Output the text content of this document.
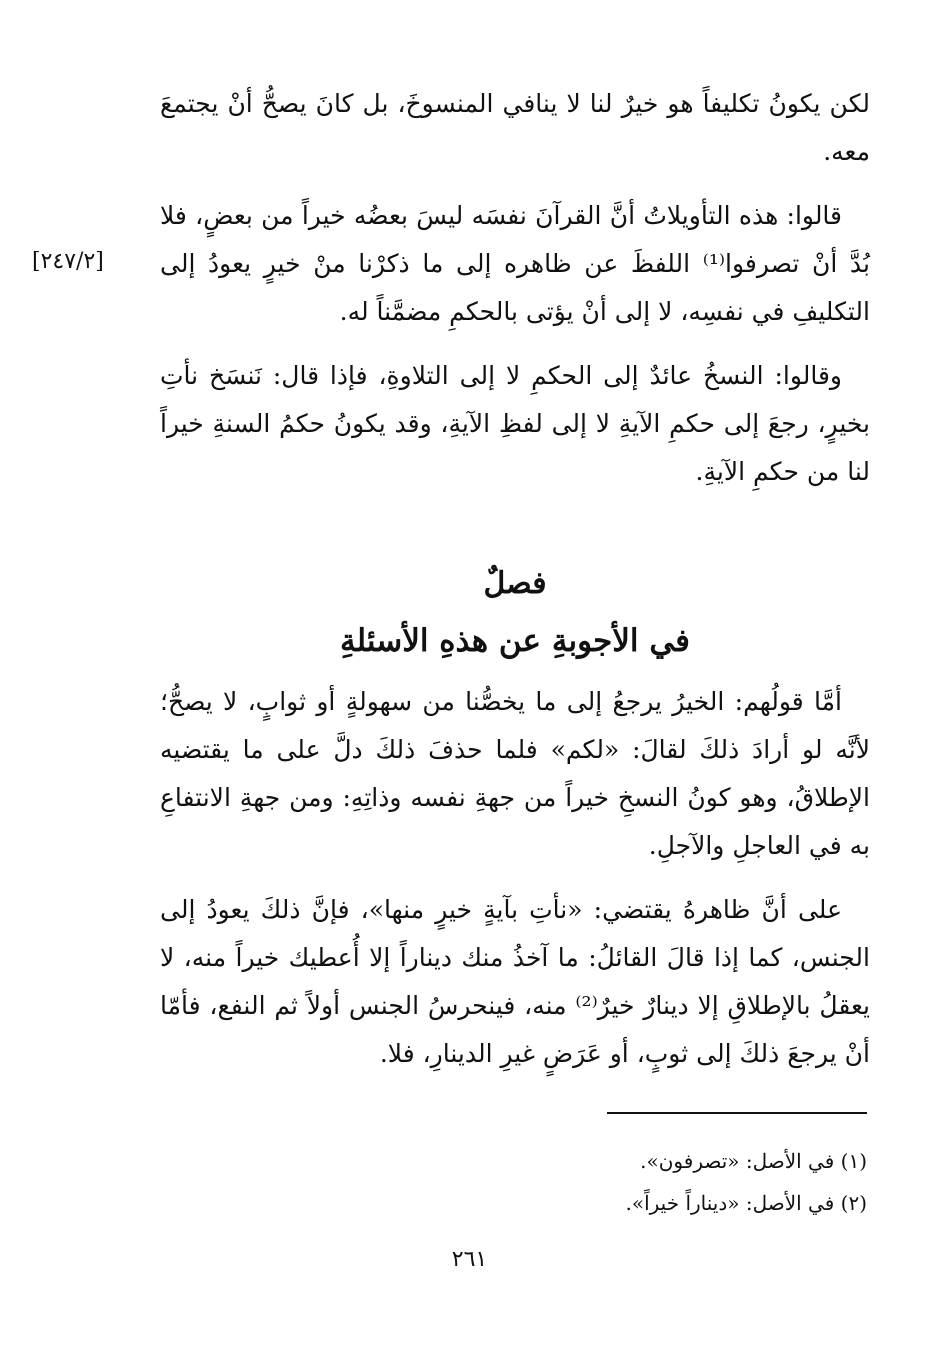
[٢٤٧/٢]

لكن يكونُ تكليفاً هو خيرٌ لنا لا ينافي المنسوخَ، بل كانَ يصحُّ أنْ يجتمعَ معه.

قالوا: هذه التأويلاتُ أنَّ القرآنَ نفسَه ليسَ بعضُه خيراً من بعضٍ، فلا بُدَّ أنْ تصرفوا⁽¹⁾ اللفظَ عن ظاهره إلى ما ذكرْنا منْ خيرٍ يعودُ إلى التكليفِ في نفسِه، لا إلى أنْ يؤتى بالحكمِ مضمَّناً له.

وقالوا: النسخُ عائدٌ إلى الحكمِ لا إلى التلاوةِ، فإذا قال: نَنسَخ نأتِ بخيرٍ، رجعَ إلى حكمِ الآيةِ لا إلى لفظِ الآيةِ، وقد يكونُ حكمُ السنةِ خيراً لنا من حكمِ الآيةِ.

فصلٌ
في الأجوبةِ عن هذهِ الأسئلةِ

أمَّا قولُهم: الخيرُ يرجعُ إلى ما يخصُّنا من سهولةٍ أو ثوابٍ، لا يصحُّ؛ لأنَّه لو أرادَ ذلكَ لقالَ: «لكم» فلما حذفَ ذلكَ دلَّ على ما يقتضيه الإطلاقُ، وهو كونُ النسخِ خيراً من جهةِ نفسه وذاتِهِ: ومن جهةِ الانتفاعِ به في العاجلِ والآجلِ.

على أنَّ ظاهرهُ يقتضي: «نأتِ بآيةٍ خيرٍ منها»، فإنَّ ذلكَ يعودُ إلى الجنس، كما إذا قالَ القائلُ: ما آخذُ منك ديناراً إلا أُعطيك خيراً منه، لا يعقلُ بالإطلاقِ إلا دينارٌ خيرٌ⁽²⁾ منه، فينحرسُ الجنس أولاً ثم النفع، فأمّا أنْ يرجعَ ذلكَ إلى ثوبٍ، أو عَرَضٍ غيرِ الدينارِ، فلا.

(١) في الأصل: «تصرفون».
(٢) في الأصل: «ديناراً خيراً».
٢٦١
